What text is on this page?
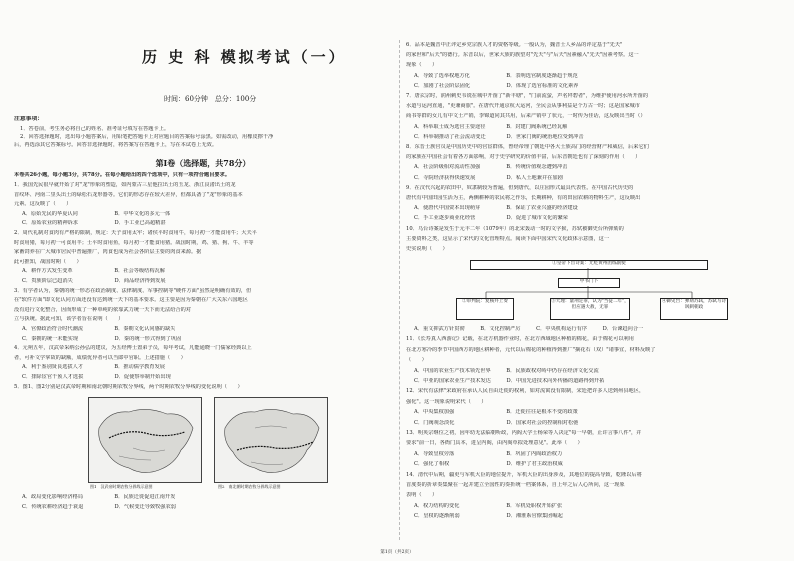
历 史 科 模拟考试（一）
时间：60分钟　总分：100分
注意事项：
1．答卷前，考生务必将自己的姓名、准考证号填写在答题卡上。
2．回答选择题时，选出每小题答案后，用铅笔把答题卡上对应题目的答案标号涂黑。如需改动，用橡皮擦干净
后，再选涂其它答案标号。回答非选择题时，将答案写在答题卡上，写在本试卷上无效。
第Ⅰ卷（选择题，共78分）
本卷共26小题，每小题3分，共78分。在每小题给出的四个选项中，只有一项符合题目要求。
1．我国先民很早就开始了对"龙"形象的塑造，如内蒙古三星他拉出土的玉龙、浙江良渚出土的龙
首纹环、河南二里头出土的绿松石龙形器等。它们的形态存在较大差异，但都具备了"龙"形象的基本
元素。这反映了（　　）
A．原始先民的华夏认同　　　　　　　B．中华文化的多元一体
C．原始农业的精神诉求　　　　　　　D．手工业已高超精湛
2．周代礼制对食肉有严格的限制，规定：天子食用太牢；诸侯平时食用牛，每月初一才能食用牛；大夫平
时食用猪，每月初一可食用羊；士平时食用鱼，每月初一才能食用猪。战国时期，鸡、猪、狗、牛、羊等
家畜饲养在广大城市居民中普遍推广，肉食也成为社会各阶层主要的肉食来源。据
此可推知，战国时期（　　）
A．耕作方式发生变革　　　　　　　　B．社会等级结构瓦解
C．贵族阶层已趋消失　　　　　　　　D．商品经济得到发展
3．有学者认为，秦朝的统一形态在政治制度、法律制度、军事控制等"硬件方面"虽然是明确有效的，但
在"软件方面"即文化认同方面还没有达到统一天下的基本要求。这主要是因为秦朝在广大关东六国地区
没有进行文化整合，因而形成了一种单纯的依靠武力统一天下而无法给合的对
立与执统。据此可知，该学者旨在说明（　　）
A．官僚政治符合时代潮流　　　　　　B．秦朝文化认同感的缺失
C．秦朝的统一未能实现　　　　　　　D．秦的统一形式得到了巩固
4．元朔五年，汉武帝采纳公孙弘的建议，为五经博士置弟子员，每年考试，凡能通晓一门儒家经典以上
者，可补文学掌故的缺额，成绩优异者可以当郎中官职。上述措施（　　）
A．利于鉴别贤良选拔人才　　　　　　B．推动儒学教育发展
C．排除宦官干预人才选拔　　　　　　D．促使察举制开始出现
5．图1、图2分别是汉武帝时期和南北朝时期农牧分界线，两个时期农牧分界线的变化说明（　　）
图1　汉武帝时期农牧分界线示意图	图2　南北朝时期农牧分界线示意图
A．政局变化影响经济格局　　　　　　B．民族迁徙促进江南开发
C．传统农耕经济趋于衰退　　　　　　D．气候变迁导致牧强农弱
6．品本是魏晋中正评定乡党宗族人才的资格等级。一般认为，魏晋士人乡品的评定基于"先天"
的家世和"后天"的德行。东晋以后，世家大族的族望对"先天"与"后天"因素融入"先天"因素考察。这一
现象（　　）
A．导致了选举权地方化　　　　　　　B．表明选官制度逐渐趋于规范
C．加剧了社会阶层固化　　　　　　　D．体现了选官标准的文化素养
7．唐玄宗时，润州刺史韦铣在城中开凿了"新丰塘"，"门前流萤，声名拜碧者"，为维护使用河水所开凿的
水道与运河直通，"更兼商旅"。在唐代开通京杭大运河，全民会从事利益是个万古一时；这是国家城市
商书等群的女儿有中文士产销，李锦道同其共用，后来产销中了状元，一时传为佳话，这反映出当时（）
A．科举取士成为选官主要途径　　　　B．封建门阀系统已经瓦解
C．科举制推动了社会流动变迁　　　　D．世家门阀的统治地位受到冲击
8．东晋士族官员是中国历史中的官宦群体，曾经帝理了朝廷中各大士族高门的经营财产和威信，后来它们
的家族在中国社会有着各方面影响，对于史学研究的价值丰富，后东晋朝廷也有了深刻的作用（　　）
A．社会阶级相对流动性加强　　　　　B．传统价值观念遭到冲击
C．寺院经济获得快速发展　　　　　　D．私人土地兼并在加剧
9．在汉代兴起的农田中，奴隶制较为普遍，但到唐代，以庄园形式最具代表性。在中国古代历史的
唐代有中国田园生活为主，两侧耕种的农民将之作乐，长期耕种，有的田园农耕的物料生产，这反映出
A．使唐代中国资本出现萌芽　　　　　B．保证了农业兴盛的经济建设
C．手工业逐步商业化经营　　　　　　D．促进了城市文化的繁荣
10．乌台诗案是发生于元丰二年（1079年）的北宋轰动一时的文字狱，苏轼被御史台所弹劾的
主要资料之类，这显示了宋代的文化管理特点。阅读下面中国宋代文化政体示意图，这一
史实说明（　　）
①皇帝下旨诗案：尤贬黄州团练副使
中书门下
②审判院：复核并上奏	③大理：量刑定罪，认为"当徒二年"，但应遇大赦，无罪
④御史台：弹劾苏轼，苏轼写诗讽刺朝政
A．重文抑武方针贯彻　　　B．文化控制严厉　　　C．中央机构运行有序　　　D．台谏趋向合一
11．《长寿真人西游记》记载，在北方机器作业时，在北方西域地区种植的棉花，由于棉花可以利用
在北方寒冷的季节中国西方的地区耕种者，元代以后棉花的种植得到推广"摘花石（双）"诸事宜，材料反映了
（　　）
A．中国的农业生产技术领先世界　　　B．民族政权对峙中仍存在经济文化交流
C．中亚的国家农业生产技术发达　　　D．中国先进技术向外传播的道路得到开拓
12．宋代有法律"宋政府在承认人民自由迁徙的权利，如对流寓没有限制，宋廷把许多人送到州县地区，
强化"。这一现象说明宋代（　　）
A．中央集权加强　　　　　　　　　　B．迁徙往往是根本不变的政策
C．门阀观念淡化　　　　　　　　　　D．国家对社会的控制相对松弛
13．明英宗继位之初，因年幼无法临朝听政，内阁大学士杨荣等人决定"每一早朝，止许言事八件"，并
要求"前一日，各衙门具本，进呈内阁，由内阁草拟处理意见"。此举（　　）
A．导致皇权旁落　　　　　　　　　　B．巩固了内阁政治权力
C．强化了相权　　　　　　　　　　　D．维护了君主政治权威
14．清代中后期，疆吏与军机大臣的地位提升，军机大臣的出身涉及，其地位的提高导致，乾隆以后将
首度奏的折章奏集聚在一起并建立全国性的奏折统一档案体系，自上年之后人心所向，这一现象
表明（　　）
A．权力结构的变化　　　　　　　　　B．军机处职权开始扩张
C．皇权的逐渐削弱　　　　　　　　　D．湘淮系官僚集团崛起
第1页（共2页）
